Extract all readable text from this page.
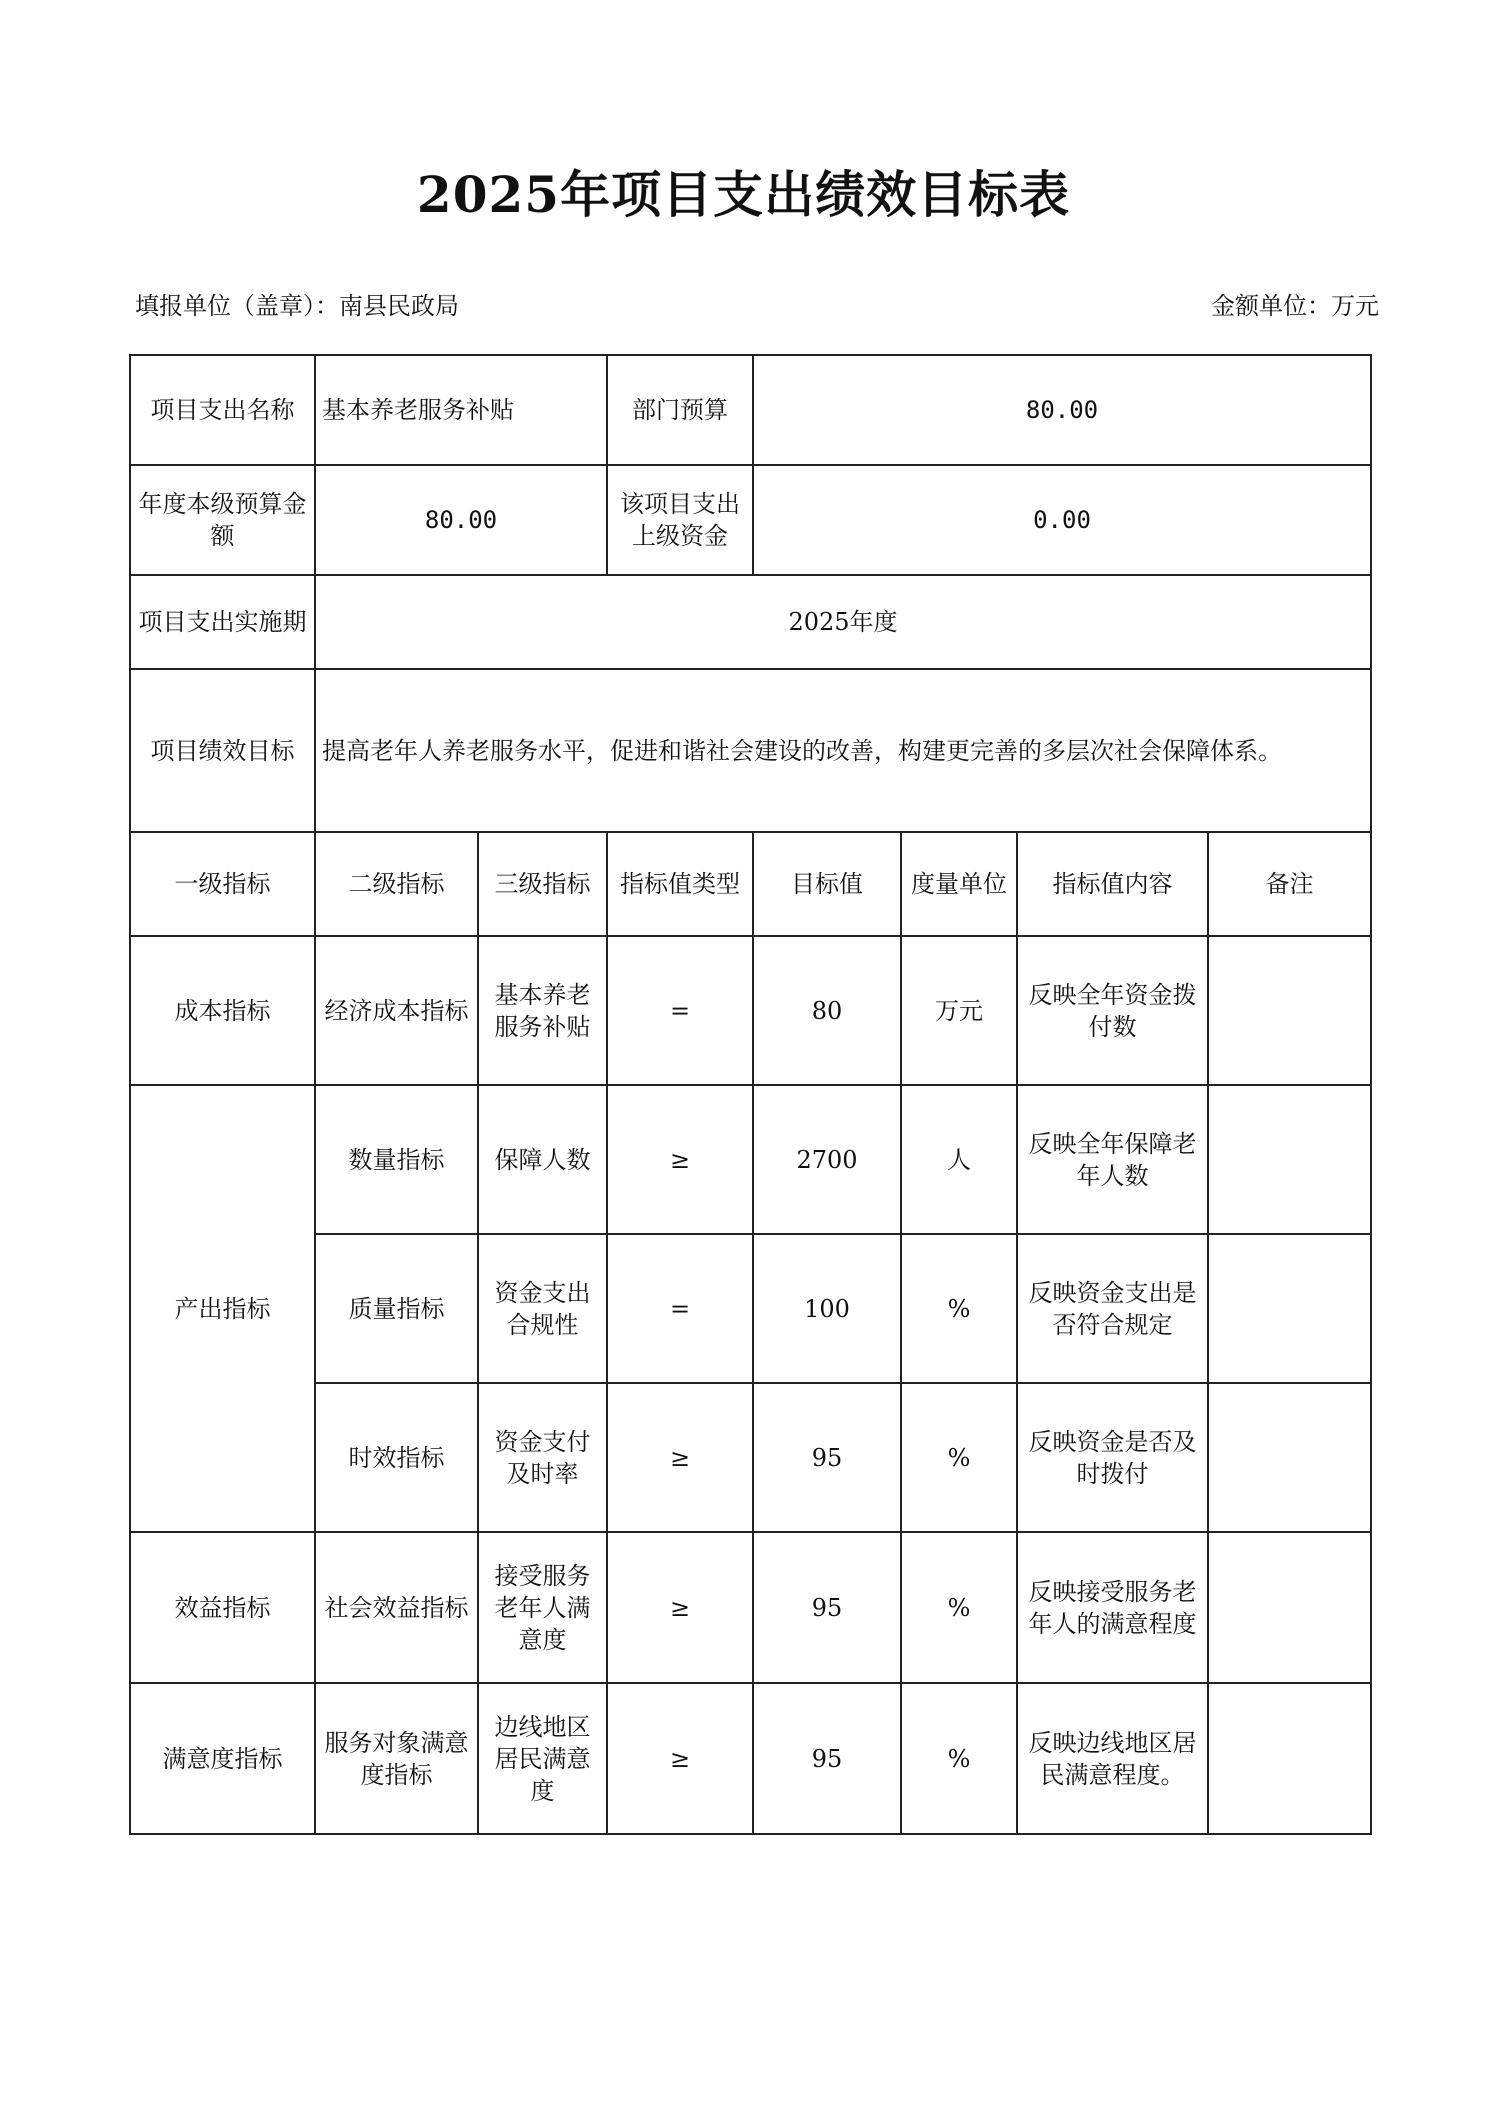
2025年项目支出绩效目标表
填报单位（盖章）：南县民政局	金额单位：万元
项目支出名称	基本养老服务补贴		部门预算	80.00			
年度本级预算金额	80.00		该项目支出上级资金	0.00			
项目支出实施期	2025年度						
项目绩效目标	提高老年人养老服务水平，促进和谐社会建设的改善，构建更完善的多层次社会保障体系。						
一级指标	二级指标	三级指标	指标值类型	目标值	度量单位	指标值内容	备注
成本指标	经济成本指标	基本养老服务补贴	=	80	万元	反映全年资金拨付数	
产出指标	数量指标	保障人数	≥	2700	人	反映全年保障老年人数	
	质量指标	资金支出合规性	=	100	%	反映资金支出是否符合规定	
	时效指标	资金支付及时率	≥	95	%	反映资金是否及时拨付	
效益指标	社会效益指标	接受服务老年人满意度	≥	95	%	反映接受服务老年人的满意程度	
满意度指标	服务对象满意度指标	边线地区居民满意度	≥	95	%	反映边线地区居民满意程度。	
